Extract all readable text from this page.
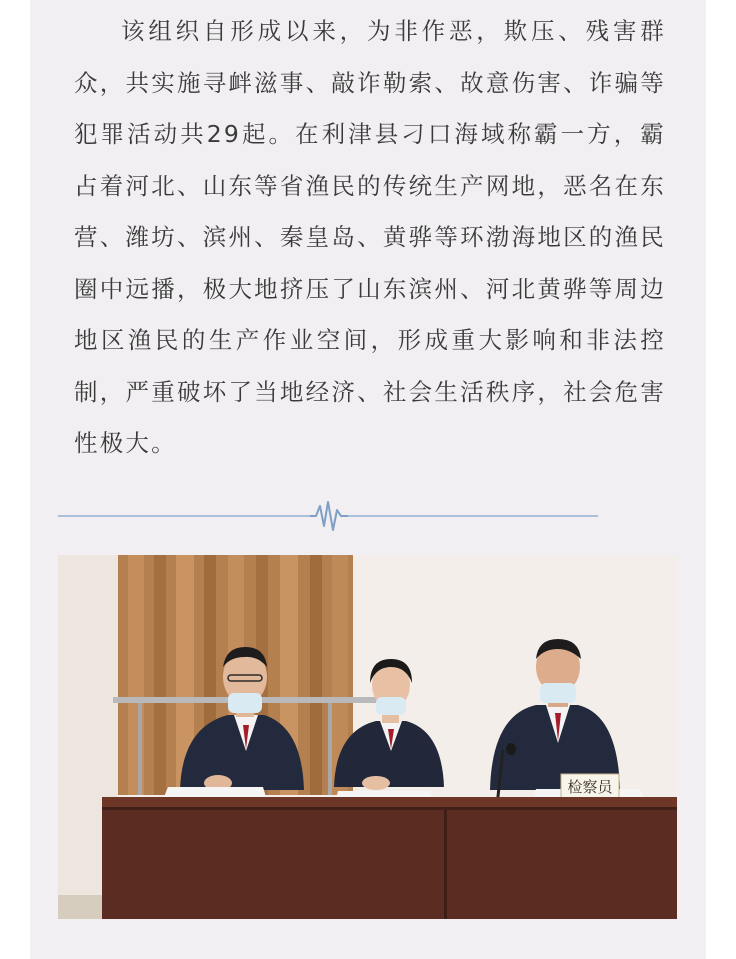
该组织自形成以来，为非作恶，欺压、残害群众，共实施寻衅滋事、敲诈勒索、故意伤害、诈骗等犯罪活动共29起。在利津县刁口海域称霸一方，霸占着河北、山东等省渔民的传统生产网地，恶名在东营、潍坊、滨州、秦皇岛、黄骅等环渤海地区的渔民圈中远播，极大地挤压了山东滨州、河北黄骅等周边地区渔民的生产作业空间，形成重大影响和非法控制，严重破坏了当地经济、社会生活秩序，社会危害性极大。

检察员
